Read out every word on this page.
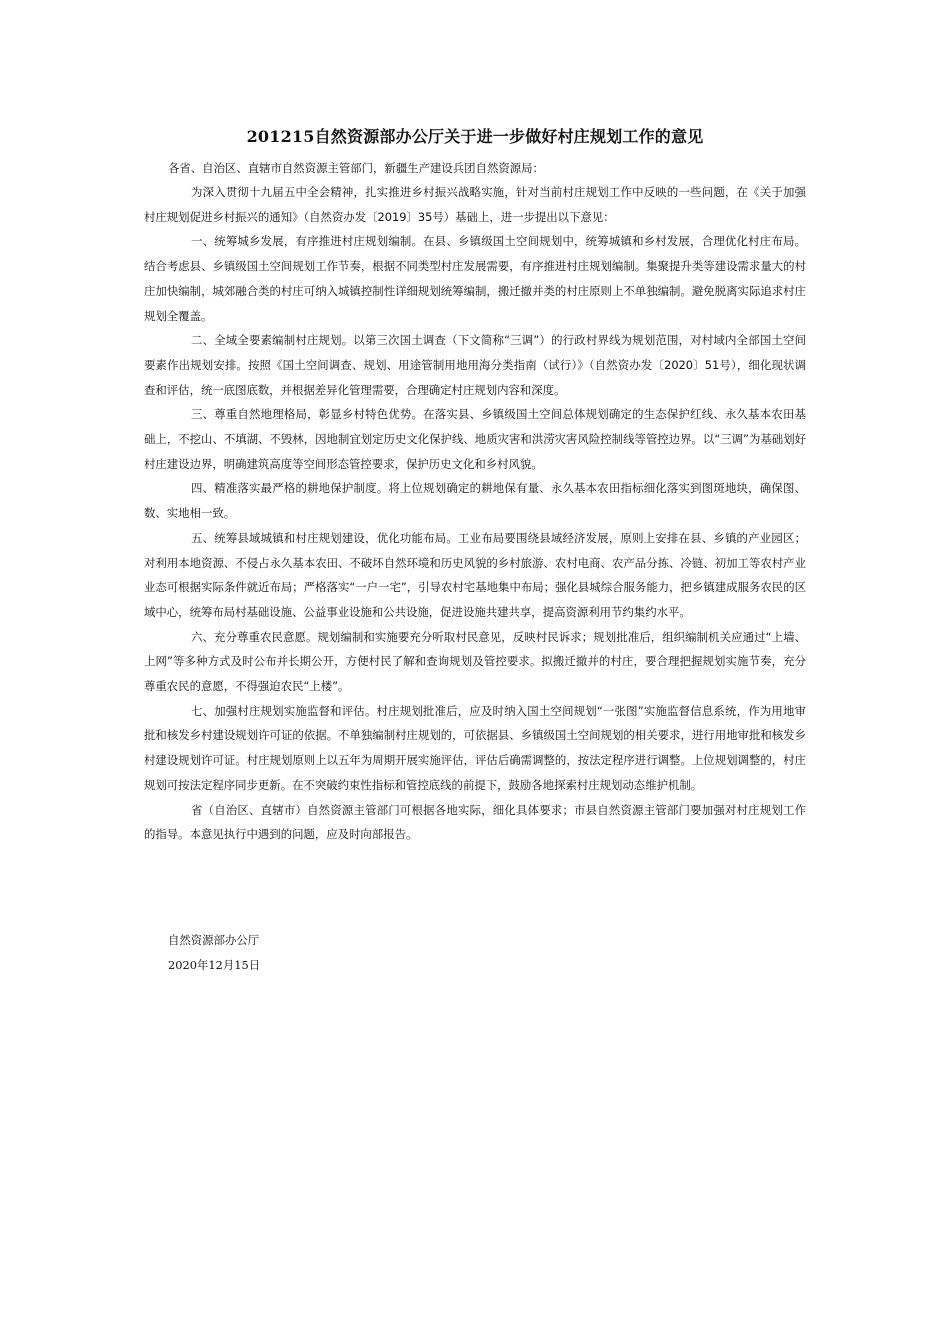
201215自然资源部办公厅关于进一步做好村庄规划工作的意见
各省、自治区、直辖市自然资源主管部门，新疆生产建设兵团自然资源局：

为深入贯彻十九届五中全会精神，扎实推进乡村振兴战略实施，针对当前村庄规划工作中反映的一些问题，在《关于加强村庄规划促进乡村振兴的通知》（自然资办发〔2019〕35号）基础上，进一步提出以下意见：

一、统筹城乡发展，有序推进村庄规划编制。在县、乡镇级国土空间规划中，统筹城镇和乡村发展，合理优化村庄布局。结合考虑县、乡镇级国土空间规划工作节奏，根据不同类型村庄发展需要，有序推进村庄规划编制。集聚提升类等建设需求量大的村庄加快编制，城郊融合类的村庄可纳入城镇控制性详细规划统筹编制，搬迁撤并类的村庄原则上不单独编制。避免脱离实际追求村庄规划全覆盖。

二、全域全要素编制村庄规划。以第三次国土调查（下文简称“三调”）的行政村界线为规划范围，对村域内全部国土空间要素作出规划安排。按照《国土空间调查、规划、用途管制用地用海分类指南（试行）》（自然资办发〔2020〕51号），细化现状调查和评估，统一底图底数，并根据差异化管理需要，合理确定村庄规划内容和深度。

三、尊重自然地理格局，彰显乡村特色优势。在落实县、乡镇级国土空间总体规划确定的生态保护红线、永久基本农田基础上，不挖山、不填湖、不毁林，因地制宜划定历史文化保护线、地质灾害和洪涝灾害风险控制线等管控边界。以“三调”为基础划好村庄建设边界，明确建筑高度等空间形态管控要求，保护历史文化和乡村风貌。

四、精准落实最严格的耕地保护制度。将上位规划确定的耕地保有量、永久基本农田指标细化落实到图斑地块，确保图、数、实地相一致。

五、统筹县域城镇和村庄规划建设，优化功能布局。工业布局要围绕县域经济发展，原则上安排在县、乡镇的产业园区；对利用本地资源、不侵占永久基本农田、不破坏自然环境和历史风貌的乡村旅游、农村电商、农产品分拣、冷链、初加工等农村产业业态可根据实际条件就近布局；严格落实“一户一宅”，引导农村宅基地集中布局；强化县城综合服务能力，把乡镇建成服务农民的区域中心，统筹布局村基础设施、公益事业设施和公共设施，促进设施共建共享，提高资源利用节约集约水平。

六、充分尊重农民意愿。规划编制和实施要充分听取村民意见，反映村民诉求；规划批准后，组织编制机关应通过“上墙、上网”等多种方式及时公布并长期公开，方便村民了解和查询规划及管控要求。拟搬迁撤并的村庄，要合理把握规划实施节奏，充分尊重农民的意愿，不得强迫农民“上楼”。

七、加强村庄规划实施监督和评估。村庄规划批准后，应及时纳入国土空间规划“一张图”实施监督信息系统，作为用地审批和核发乡村建设规划许可证的依据。不单独编制村庄规划的，可依据县、乡镇级国土空间规划的相关要求，进行用地审批和核发乡村建设规划许可证。村庄规划原则上以五年为周期开展实施评估，评估后确需调整的，按法定程序进行调整。上位规划调整的，村庄规划可按法定程序同步更新。在不突破约束性指标和管控底线的前提下，鼓励各地探索村庄规划动态维护机制。

省（自治区、直辖市）自然资源主管部门可根据各地实际，细化具体要求；市县自然资源主管部门要加强对村庄规划工作的指导。本意见执行中遇到的问题，应及时向部报告。

自然资源部办公厅
2020年12月15日
